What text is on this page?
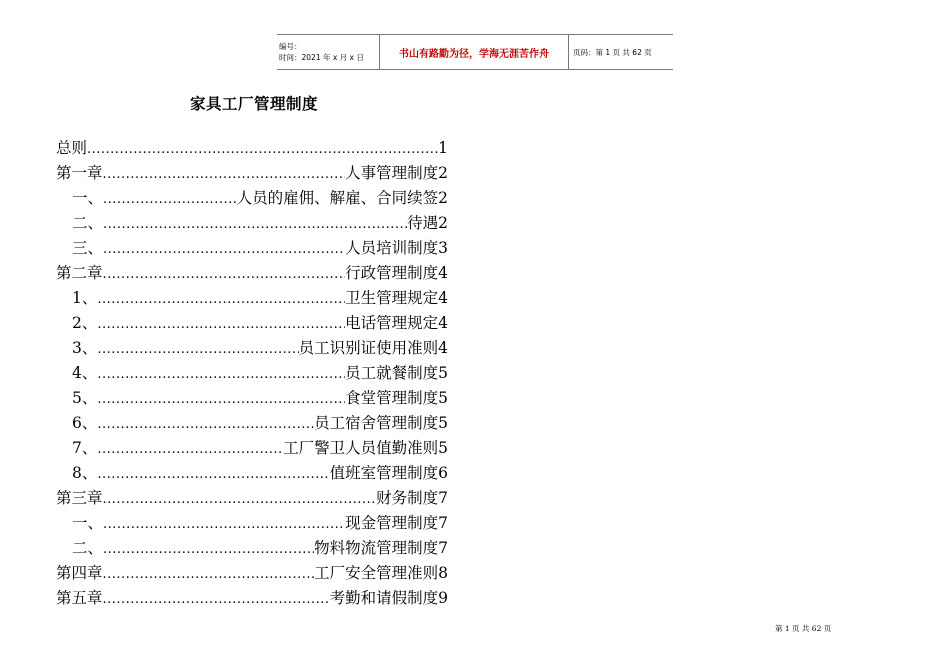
编号：
时间：2021 年 x 月 x 日	书山有路勤为径，学海无涯苦作舟	页码：第 1 页 共 62 页
家具工厂管理制度
总则 .....	1
第一章 .....	人事管理制度 2
一、 .....	人员的雇佣、解雇、合同续签 2
二、 .....	待遇 2
三、 .....	人员培训制度 3
第二章 .....	行政管理制度 4
1、 .....	卫生管理规定 4
2、 .....	电话管理规定 4
3、 .....	员工识别证使用准则 4
4、 .....	员工就餐制度 5
5、 .....	食堂管理制度 5
6、 .....	员工宿舍管理制度 5
7、 .....	工厂警卫人员值勤准则 5
8、 .....	值班室管理制度 6
第三章 .....	财务制度 7
一、 .....	现金管理制度 7
二、 .....	物料物流管理制度 7
第四章 .....	工厂安全管理准则 8
第五章 .....	考勤和请假制度 9
第 1 页 共 62 页
